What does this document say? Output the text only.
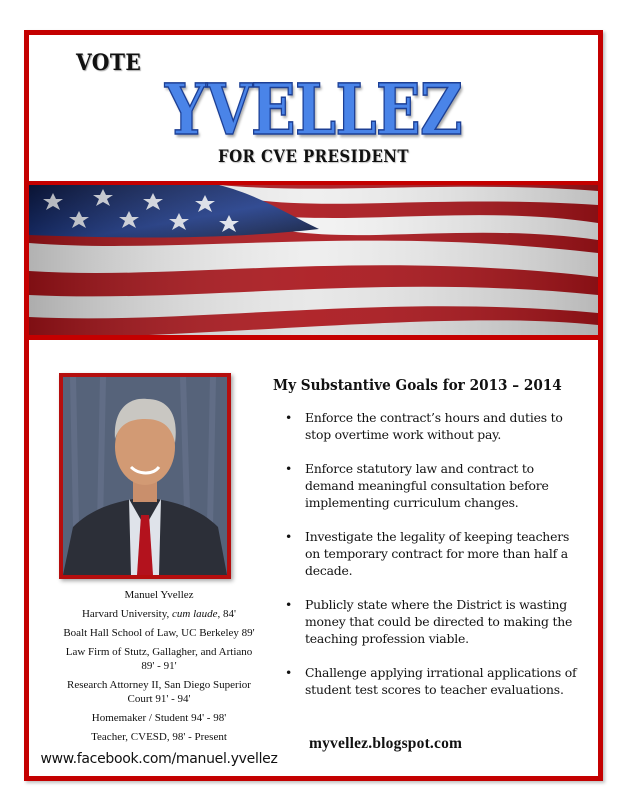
VOTE
YVELLEZ
FOR CVE PRESIDENT
Manuel Yvellez
Harvard University, cum laude, 84'
Boalt Hall School of Law, UC Berkeley 89'
Law Firm of Stutz, Gallagher, and Artiano
89' - 91'
Research Attorney II, San Diego Superior
Court 91' - 94'
Homemaker / Student 94' - 98'
Teacher, CVESD, 98' - Present
www.facebook.com/manuel.yvellez
My Substantive Goals for 2013 – 2014
• Enforce the contract’s hours and duties to stop overtime work without pay.
• Enforce statutory law and contract to demand meaningful consultation before implementing curriculum changes.
• Investigate the legality of keeping teachers on temporary contract for more than half a decade.
• Publicly state where the District is wasting money that could be directed to making the teaching profession viable.
• Challenge applying irrational applications of student test scores to teacher evaluations.
myvellez.blogspot.com
